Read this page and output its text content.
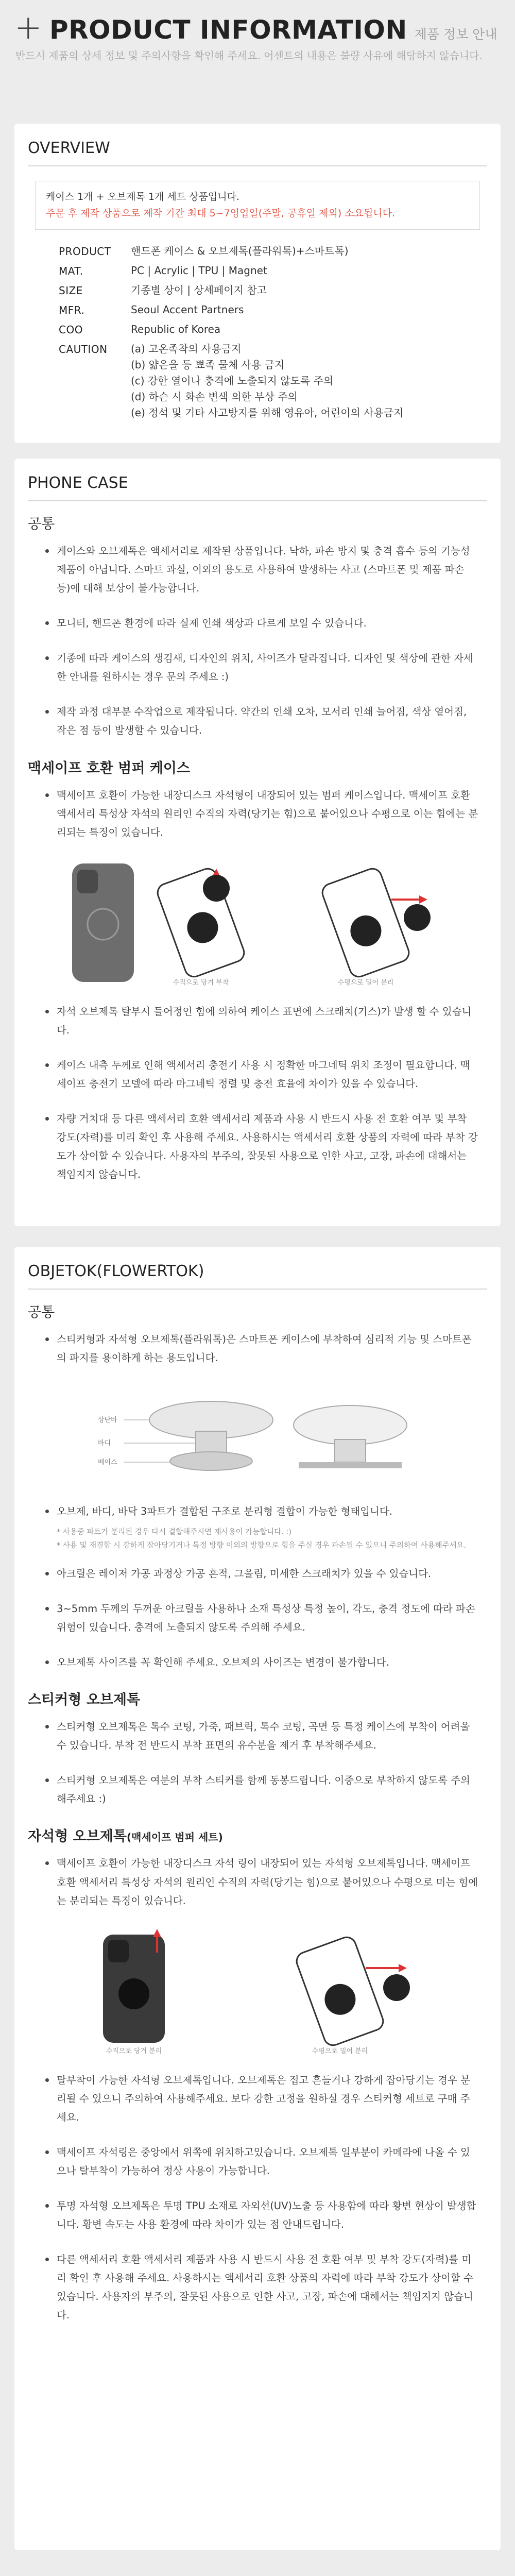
+ PRODUCT INFORMATION 제품 정보 안내
반드시 제품의 상세 정보 및 주의사항을 확인해 주세요. 어센트의 내용은 불량 사유에 해당하지 않습니다.
OVERVIEW
케이스 1개 + 오브제톡 1개 세트 상품입니다.
주문 후 제작 상품으로 제작 기간 최대 5~7영업일(주말, 공휴일 제외) 소요됩니다.
PRODUCT	핸드폰 케이스 & 오브제톡(플라워톡)+스마트톡)
MAT.	PC | Acrylic | TPU | Magnet
SIZE	기종별 상이 | 상세페이지 참고
MFR.	Seoul Accent Partners
COO	Republic of Korea
CAUTION	(a) 고온족착의 사용금지
(b) 얇은을 등 뾰족 물체 사용 금지
(c) 강한 열이나 충격에 노출되지 않도록 주의
(d) 하슨 시 화손 변색 의한 부상 주의
(e) 정석 및 기타 사고방지를 위해 영유아, 어린이의 사용금지
PHONE CASE
공통
케이스와 오브제톡은 액세서리로 제작된 상품입니다. 낙하, 파손 방지 및 충격 흡수 등의 기능성 제품이 아닙니다. 스마트 과실, 이외의 용도로 사용하여 발생하는 사고 (스마트폰 및 제품 파손 등)에 대해 보상이 불가능합니다.
모니터, 핸드폰 환경에 따라 실제 인쇄 색상과 다르게 보일 수 있습니다.
기종에 따라 케이스의 생김새, 디자인의 위치, 사이즈가 달라집니다. 디자인 및 색상에 관한 자세한 안내를 원하시는 경우 문의 주세요 :)
제작 과정 대부분 수작업으로 제작됩니다. 약간의 인쇄 오차, 모서리 인쇄 늘어짐, 색상 옅어짐, 작은 점 등이 발생할 수 있습니다.
맥세이프 호환 범퍼 케이스
맥세이프 호환이 가능한 내장디스크 자석형이 내장되어 있는 범퍼 케이스입니다. 맥세이프 호환 액세서리 특성상 자석의 원리인 수직의 자력(당기는 힘)으로 붙어있으나 수평으로 이는 힘에는 분리되는 특징이 있습니다.
수직으로 당겨 부착	수평으로 밀어 분리
자석 오브제톡 탈부시 들어정인 힘에 의하여 케이스 표면에 스크래치(기스)가 발생 할 수 있습니다.
케이스 내측 두께로 인해 액세서리 충전기 사용 시 정확한 마그네틱 위치 조정이 필요합니다. 맥세이프 충전기 모델에 따라 마그네틱 정렬 및 충전 효율에 차이가 있을 수 있습니다.
자량 거치대 등 다른 액세서리 호환 액세서리 제품과 사용 시 반드시 사용 전 호환 여부 및 부착 강도(자력)를 미리 확인 후 사용해 주세요. 사용하시는 액세서리 호환 상품의 자력에 따라 부착 강도가 상이할 수 있습니다. 사용자의 부주의, 잘못된 사용으로 인한 사고, 고장, 파손에 대해서는 책임지지 않습니다.
OBJETOK(FLOWERTOK)
공통
스티커형과 자석형 오브제톡(플라워톡)은 스마트폰 케이스에 부착하여 심리적 기능 및 스마트폰의 파지를 용이하게 하는 용도입니다.
상단바
바디
베이스
오브제, 바디, 바닥 3파트가 결합된 구조로 분리형 결합이 가능한 형태입니다.
* 사용중 파트가 분리된 경우 다시 결합해주시면 재사용이 가능합니다. :)
* 사용 및 재결합 시 강하게 잡아당기거나 특정 방향 이외의 방향으로 힘을 주실 경우 파손될 수 있으니 주의하여 사용해주세요.
아크릴은 레이저 가공 과정상 가공 흔적, 그을림, 미세한 스크래치가 있을 수 있습니다.
3~5mm 두께의 두꺼운 아크릴을 사용하나 소재 특성상 특정 높이, 각도, 충격 정도에 따라 파손 위험이 있습니다. 충격에 노출되지 않도록 주의해 주세요.
오브제톡 사이즈를 꼭 확인해 주세요. 오브제의 사이즈는 변경이 불가합니다.
스티커형 오브제톡
스티커형 오브제톡은 톡수 코팅, 가죽, 패브릭, 톡수 코팅, 곡면 등 특정 케이스에 부착이 어려울 수 있습니다. 부착 전 반드시 부착 표면의 유수분을 제거 후 부착해주세요.
스티커형 오브제톡은 여분의 부착 스티커를 함께 동봉드립니다. 이중으로 부착하지 않도록 주의해주세요 :)
자석형 오브제톡(맥세이프 범퍼 세트)
맥세이프 호환이 가능한 내장디스크 자석 링이 내장되어 있는 자석형 오브제톡입니다. 맥세이프 호환 액세서리 특성상 자석의 원리인 수직의 자력(당기는 힘)으로 붙어있으나 수평으로 미는 힘에는 분리되는 특징이 있습니다.
수직으로 당겨 분리	수평으로 밀어 분리
탈부착이 가능한 자석형 오브제톡입니다. 오브제톡은 접고 흔들거나 강하게 잡아당기는 경우 분리될 수 있으니 주의하여 사용해주세요. 보다 강한 고정을 원하실 경우 스티커형 세트로 구매 주세요.
맥세이프 자석링은 중앙에서 위쪽에 위치하고있습니다. 오브제톡 일부분이 카메라에 나올 수 있으나 탈부착이 가능하여 정상 사용이 가능합니다.
투명 자석형 오브제톡은 투명 TPU 소재로 자외선(UV)노출 등 사용함에 따라 황변 현상이 발생합니다. 황변 속도는 사용 환경에 따라 차이가 있는 점 안내드립니다.
다른 액세서리 호환 액세서리 제품과 사용 시 반드시 사용 전 호환 여부 및 부착 강도(자력)를 미리 확인 후 사용해 주세요. 사용하시는 액세서리 호환 상품의 자력에 따라 부착 강도가 상이할 수 있습니다. 사용자의 부주의, 잘못된 사용으로 인한 사고, 고장, 파손에 대해서는 책임지지 않습니다.
